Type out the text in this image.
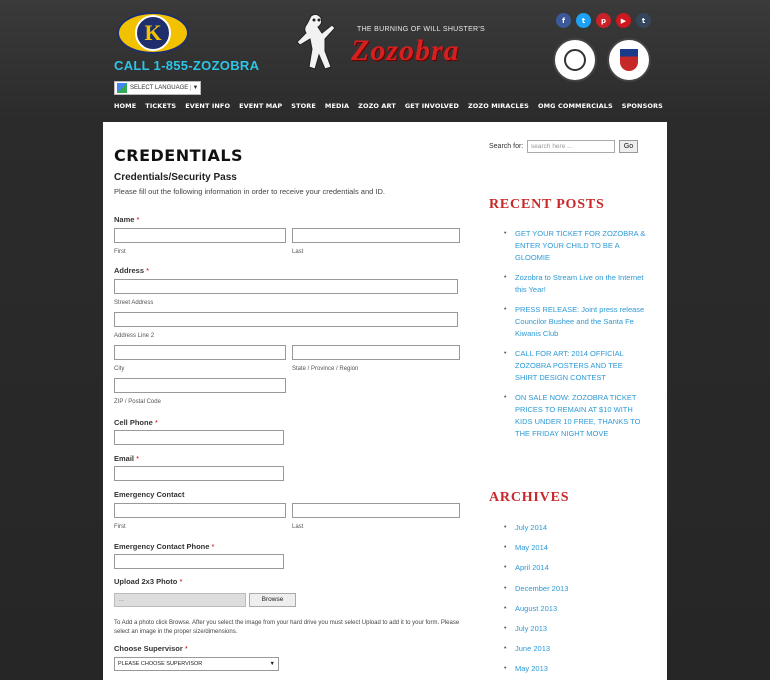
K
CALL 1-855-ZOZOBRA
SELECT LANGUAGE ▼
THE BURNING OF WILL SHUSTER'S
Zozobra
f	t	p	▶	t
HOME TICKETS EVENT INFO EVENT MAP STORE MEDIA ZOZO ART GET INVOLVED ZOZO MIRACLES OMG COMMERCIALS SPONSORS
CREDENTIALS
Credentials/Security Pass
Please fill out the following information in order to receive your credentials and ID.
Name *
First	Last
Address *
Street Address
Address Line 2
City	State / Province / Region
ZIP / Postal Code
Cell Phone *
Email *
Emergency Contact
First	Last
Emergency Contact Phone *
Upload 2x3 Photo *
...	Browse
To Add a photo click Browse. After you select the image from your hard drive you must select Upload to add it to your form. Please select an image in the proper size/dimensions.
Choose Supervisor *
PLEASE CHOOSE SUPERVISOR	▼
Search for:	search here ...	Go
RECENT POSTS
• GET YOUR TICKET FOR ZOZOBRA & ENTER YOUR CHILD TO BE A GLOOMIE
• Zozobra to Stream Live on the Internet this Year!
• PRESS RELEASE: Joint press release Councilor Bushee and the Santa Fe Kiwanis Club
• CALL FOR ART: 2014 OFFICIAL ZOZOBRA POSTERS AND TEE SHIRT DESIGN CONTEST
• ON SALE NOW: ZOZOBRA TICKET PRICES TO REMAIN AT $10 WITH KIDS UNDER 10 FREE, THANKS TO THE FRIDAY NIGHT MOVE
ARCHIVES
• July 2014
• May 2014
• April 2014
• December 2013
• August 2013
• July 2013
• June 2013
• May 2013
